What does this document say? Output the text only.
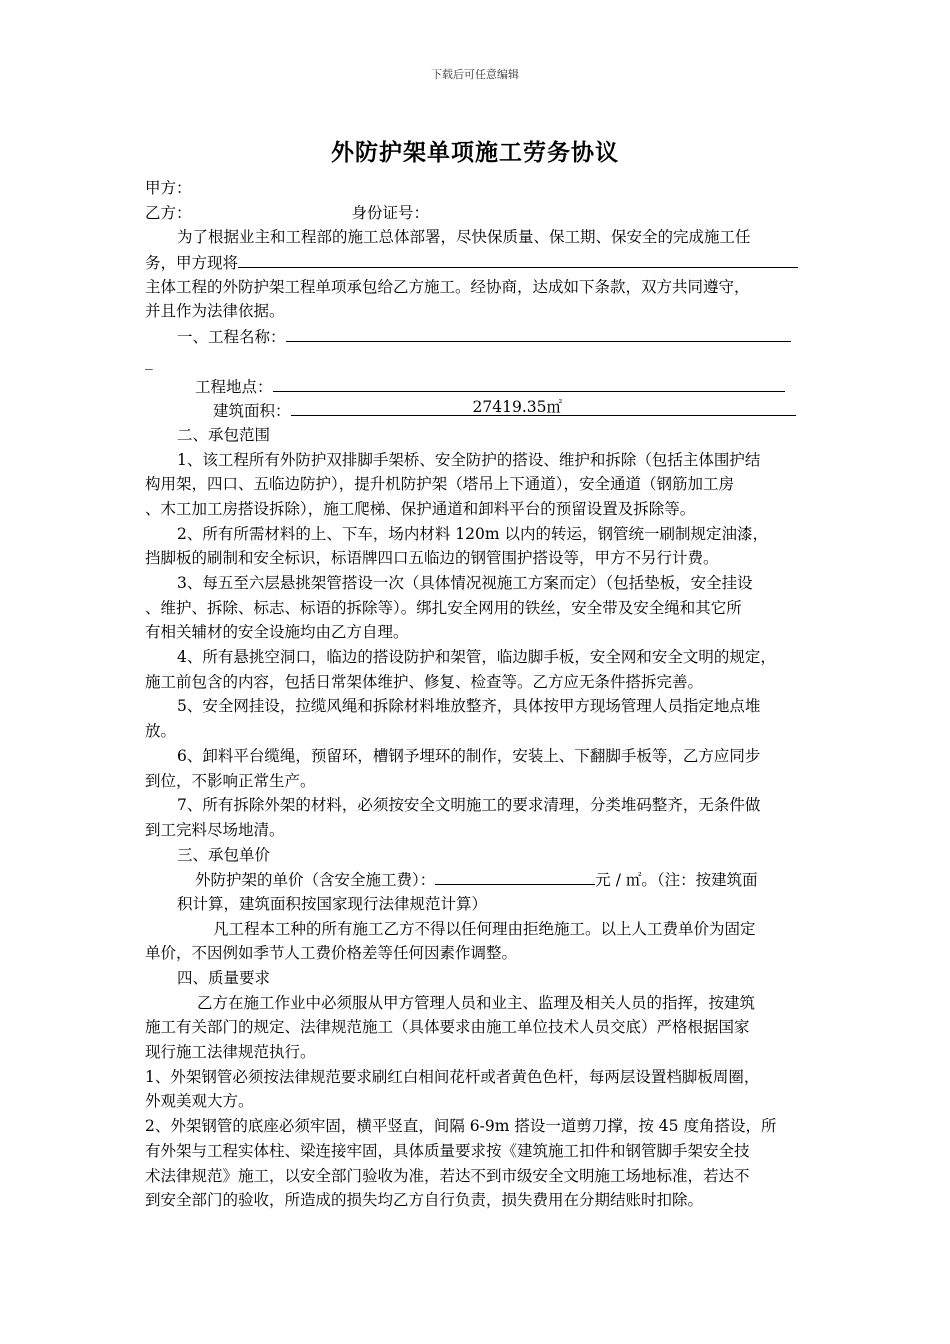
下载后可任意编辑
外防护架单项施工劳务协议
甲方：
乙方：	身份证号：
为了根据业主和工程部的施工总体部署，尽快保质量、保工期、保安全的完成施工任
务，甲方现将
主体工程的外防护架工程单项承包给乙方施工。经协商，达成如下条款，双方共同遵守，
并且作为法律依据。
一、工程名称：
_
工程地点：
建筑面积：	27419.35㎡
二、承包范围
1、该工程所有外防护双排脚手架桥、安全防护的搭设、维护和拆除（包括主体围护结
构用架，四口、五临边防护），提升机防护架（塔吊上下通道），安全通道（钢筋加工房
、木工加工房搭设拆除），施工爬梯、保护通道和卸料平台的预留设置及拆除等。
2、所有所需材料的上、下车，场内材料 120m 以内的转运，钢管统一刷制规定油漆，
挡脚板的刷制和安全标识，标语牌四口五临边的钢管围护搭设等，甲方不另行计费。
3、每五至六层悬挑架管搭设一次（具体情况视施工方案而定）（包括垫板，安全挂设
、维护、拆除、标志、标语的拆除等）。绑扎安全网用的铁丝，安全带及安全绳和其它所
有相关辅材的安全设施均由乙方自理。
4、所有悬挑空洞口，临边的搭设防护和架管，临边脚手板，安全网和安全文明的规定，
施工前包含的内容，包括日常架体维护、修复、检查等。乙方应无条件搭拆完善。
5、安全网挂设，拉缆风绳和拆除材料堆放整齐，具体按甲方现场管理人员指定地点堆
放。
6、卸料平台缆绳，预留环，槽钢予埋环的制作，安装上、下翻脚手板等，乙方应同步
到位，不影响正常生产。
7、所有拆除外架的材料，必须按安全文明施工的要求清理，分类堆码整齐，无条件做
到工完料尽场地清。
三、承包单价
外防护架的单价（含安全施工费）：	元 / ㎡。（注：按建筑面
积计算，建筑面积按国家现行法律规范计算）
凡工程本工种的所有施工乙方不得以任何理由拒绝施工。以上人工费单价为固定
单价，不因例如季节人工费价格差等任何因素作调整。
四、质量要求
乙方在施工作业中必须服从甲方管理人员和业主、监理及相关人员的指挥，按建筑
施工有关部门的规定、法律规范施工（具体要求由施工单位技术人员交底）严格根据国家
现行施工法律规范执行。
1、外架钢管必须按法律规范要求刷红白相间花杆或者黄色色杆，每两层设置档脚板周圈，
外观美观大方。
2、外架钢管的底座必须牢固，横平竖直，间隔 6-9m 搭设一道剪刀撑，按 45 度角搭设，所
有外架与工程实体柱、梁连接牢固，具体质量要求按《建筑施工扣件和钢管脚手架安全技
术法律规范》施工，以安全部门验收为准，若达不到市级安全文明施工场地标准，若达不
到安全部门的验收，所造成的损失均乙方自行负责，损失费用在分期结账时扣除。
